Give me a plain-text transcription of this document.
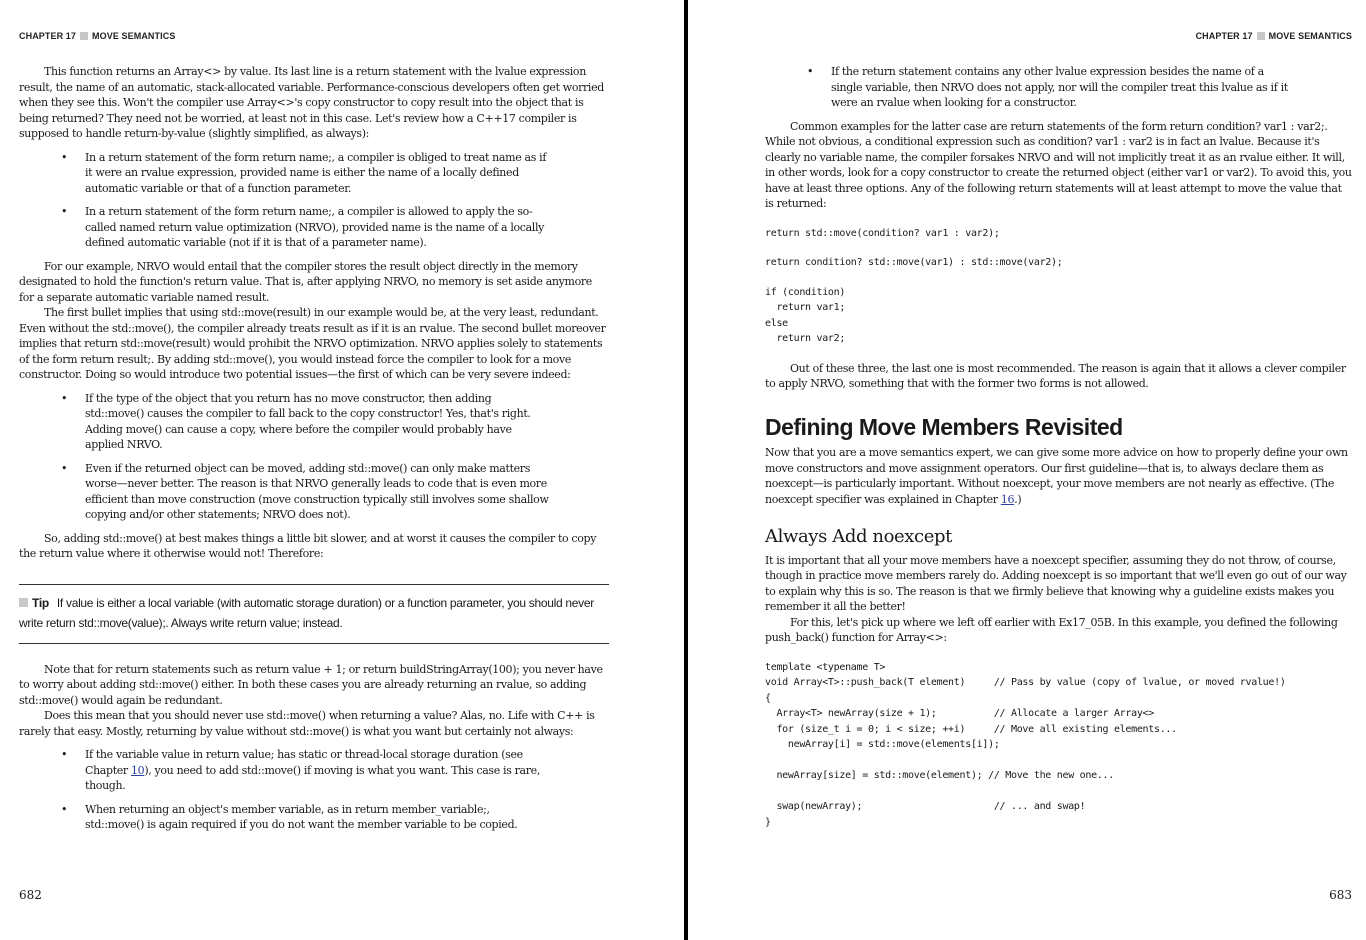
CHAPTER 17 MOVE SEMANTICS

This function returns an Array<> by value. Its last line is a return statement with the lvalue expression result, the name of an automatic, stack-allocated variable. Performance-conscious developers often get worried when they see this. Won't the compiler use Array<>'s copy constructor to copy result into the object that is being returned? They need not be worried, at least not in this case. Let's review how a C++17 compiler is supposed to handle return-by-value (slightly simplified, as always):

• In a return statement of the form return name;, a compiler is obliged to treat name as if it were an rvalue expression, provided name is either the name of a locally defined automatic variable or that of a function parameter.
• In a return statement of the form return name;, a compiler is allowed to apply the so-called named return value optimization (NRVO), provided name is the name of a locally defined automatic variable (not if it is that of a parameter name).

For our example, NRVO would entail that the compiler stores the result object directly in the memory designated to hold the function's return value. That is, after applying NRVO, no memory is set aside anymore for a separate automatic variable named result.

The first bullet implies that using std::move(result) in our example would be, at the very least, redundant. Even without the std::move(), the compiler already treats result as if it is an rvalue. The second bullet moreover implies that return std::move(result) would prohibit the NRVO optimization. NRVO applies solely to statements of the form return result;. By adding std::move(), you would instead force the compiler to look for a move constructor. Doing so would introduce two potential issues—the first of which can be very severe indeed:

• If the type of the object that you return has no move constructor, then adding std::move() causes the compiler to fall back to the copy constructor! Yes, that's right. Adding move() can cause a copy, where before the compiler would probably have applied NRVO.
• Even if the returned object can be moved, adding std::move() can only make matters worse—never better. The reason is that NRVO generally leads to code that is even more efficient than move construction (move construction typically still involves some shallow copying and/or other statements; NRVO does not).

So, adding std::move() at best makes things a little bit slower, and at worst it causes the compiler to copy the return value where it otherwise would not! Therefore:

Tip If value is either a local variable (with automatic storage duration) or a function parameter, you should never write return std::move(value);. Always write return value; instead.

Note that for return statements such as return value + 1; or return buildStringArray(100); you never have to worry about adding std::move() either. In both these cases you are already returning an rvalue, so adding std::move() would again be redundant.

Does this mean that you should never use std::move() when returning a value? Alas, no. Life with C++ is rarely that easy. Mostly, returning by value without std::move() is what you want but certainly not always:

• If the variable value in return value; has static or thread-local storage duration (see Chapter 10), you need to add std::move() if moving is what you want. This case is rare, though.
• When returning an object's member variable, as in return member_variable;, std::move() is again required if you do not want the member variable to be copied.
682
CHAPTER 17 MOVE SEMANTICS
• If the return statement contains any other lvalue expression besides the name of a single variable, then NRVO does not apply, nor will the compiler treat this lvalue as if it were an rvalue when looking for a constructor.

Common examples for the latter case are return statements of the form return condition? var1 : var2;. While not obvious, a conditional expression such as condition? var1 : var2 is in fact an lvalue. Because it's clearly no variable name, the compiler forsakes NRVO and will not implicitly treat it as an rvalue either. It will, in other words, look for a copy constructor to create the returned object (either var1 or var2). To avoid this, you have at least three options. Any of the following return statements will at least attempt to move the value that is returned:

return std::move(condition? var1 : var2);
return condition? std::move(var1) : std::move(var2);
if (condition)
return var1;
else
return var2;

Out of these three, the last one is most recommended. The reason is again that it allows a clever compiler to apply NRVO, something that with the former two forms is not allowed.

Defining Move Members Revisited

Now that you are a move semantics expert, we can give some more advice on how to properly define your own move constructors and move assignment operators. Our first guideline—that is, to always declare them as noexcept—is particularly important. Without noexcept, your move members are not nearly as effective. (The noexcept specifier was explained in Chapter 16.)

Always Add noexcept

It is important that all your move members have a noexcept specifier, assuming they do not throw, of course, though in practice move members rarely do. Adding noexcept is so important that we'll even go out of our way to explain why this is so. The reason is that we firmly believe that knowing why a guideline exists makes you remember it all the better!

For this, let's pick up where we left off earlier with Ex17_05B. In this example, you defined the following push_back() function for Array<>:

template <typename T>
void Array<T>::push_back(T element)     // Pass by value (copy of lvalue, or moved rvalue!)
{
Array<T> newArray(size + 1);          // Allocate a larger Array<>
for (size_t i = 0; i < size; ++i)     // Move all existing elements...
newArray[i] = std::move(elements[i]);

newArray[size] = std::move(element); // Move the new one...

swap(newArray);                       // ... and swap!
}
683
